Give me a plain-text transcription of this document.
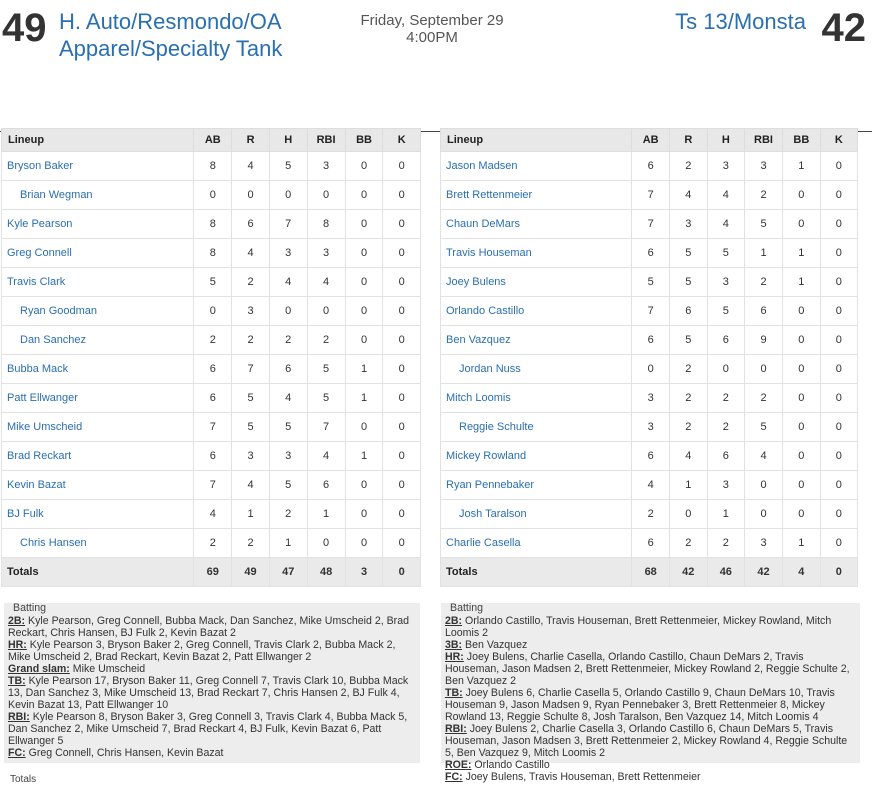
49 H. Auto/Resmondo/OA Apparel/Specialty Tank
Friday, September 29
4:00PM
Ts 13/Monsta 42
Lineup	AB	R	H	RBI	BB	K
Bryson Baker	8	4	5	3	0	0
Brian Wegman	0	0	0	0	0	0
Kyle Pearson	8	6	7	8	0	0
Greg Connell	8	4	3	3	0	0
Travis Clark	5	2	4	4	0	0
Ryan Goodman	0	3	0	0	0	0
Dan Sanchez	2	2	2	2	0	0
Bubba Mack	6	7	6	5	1	0
Patt Ellwanger	6	5	4	5	1	0
Mike Umscheid	7	5	5	7	0	0
Brad Reckart	6	3	3	4	1	0
Kevin Bazat	7	4	5	6	0	0
BJ Fulk	4	1	2	1	0	0
Chris Hansen	2	2	1	0	0	0
Totals	69	49	47	48	3	0
Lineup	AB	R	H	RBI	BB	K
Jason Madsen	6	2	3	3	1	0
Brett Rettenmeier	7	4	4	2	0	0
Chaun DeMars	7	3	4	5	0	0
Travis Houseman	6	5	5	1	1	0
Joey Bulens	5	5	3	2	1	0
Orlando Castillo	7	6	5	6	0	0
Ben Vazquez	6	5	6	9	0	0
Jordan Nuss	0	2	0	0	0	0
Mitch Loomis	3	2	2	2	0	0
Reggie Schulte	3	2	2	5	0	0
Mickey Rowland	6	4	6	4	0	0
Ryan Pennebaker	4	1	3	0	0	0
Josh Taralson	2	0	1	0	0	0
Charlie Casella	6	2	2	3	1	0
Totals	68	42	46	42	4	0
Batting
2B: Kyle Pearson, Greg Connell, Bubba Mack, Dan Sanchez, Mike Umscheid 2, Brad Reckart, Chris Hansen, BJ Fulk 2, Kevin Bazat 2
HR: Kyle Pearson 3, Bryson Baker 2, Greg Connell, Travis Clark 2, Bubba Mack 2, Mike Umscheid 2, Brad Reckart, Kevin Bazat 2, Patt Ellwanger 2
Grand slam: Mike Umscheid
TB: Kyle Pearson 17, Bryson Baker 11, Greg Connell 7, Travis Clark 10, Bubba Mack 13, Dan Sanchez 3, Mike Umscheid 13, Brad Reckart 7, Chris Hansen 2, BJ Fulk 4, Kevin Bazat 13, Patt Ellwanger 10
RBI: Kyle Pearson 8, Bryson Baker 3, Greg Connell 3, Travis Clark 4, Bubba Mack 5, Dan Sanchez 2, Mike Umscheid 7, Brad Reckart 4, BJ Fulk, Kevin Bazat 6, Patt Ellwanger 5
FC: Greg Connell, Chris Hansen, Kevin Bazat
Batting
2B: Orlando Castillo, Travis Houseman, Brett Rettenmeier, Mickey Rowland, Mitch Loomis 2
3B: Ben Vazquez
HR: Joey Bulens, Charlie Casella, Orlando Castillo, Chaun DeMars 2, Travis Houseman, Jason Madsen 2, Brett Rettenmeier, Mickey Rowland 2, Reggie Schulte 2, Ben Vazquez 2
TB: Joey Bulens 6, Charlie Casella 5, Orlando Castillo 9, Chaun DeMars 10, Travis Houseman 9, Jason Madsen 9, Ryan Pennebaker 3, Brett Rettenmeier 8, Mickey Rowland 13, Reggie Schulte 8, Josh Taralson, Ben Vazquez 14, Mitch Loomis 4
RBI: Joey Bulens 2, Charlie Casella 3, Orlando Castillo 6, Chaun DeMars 5, Travis Houseman, Jason Madsen 3, Brett Rettenmeier 2, Mickey Rowland 4, Reggie Schulte 5, Ben Vazquez 9, Mitch Loomis 2
ROE: Orlando Castillo
FC: Joey Bulens, Travis Houseman, Brett Rettenmeier
Totals
